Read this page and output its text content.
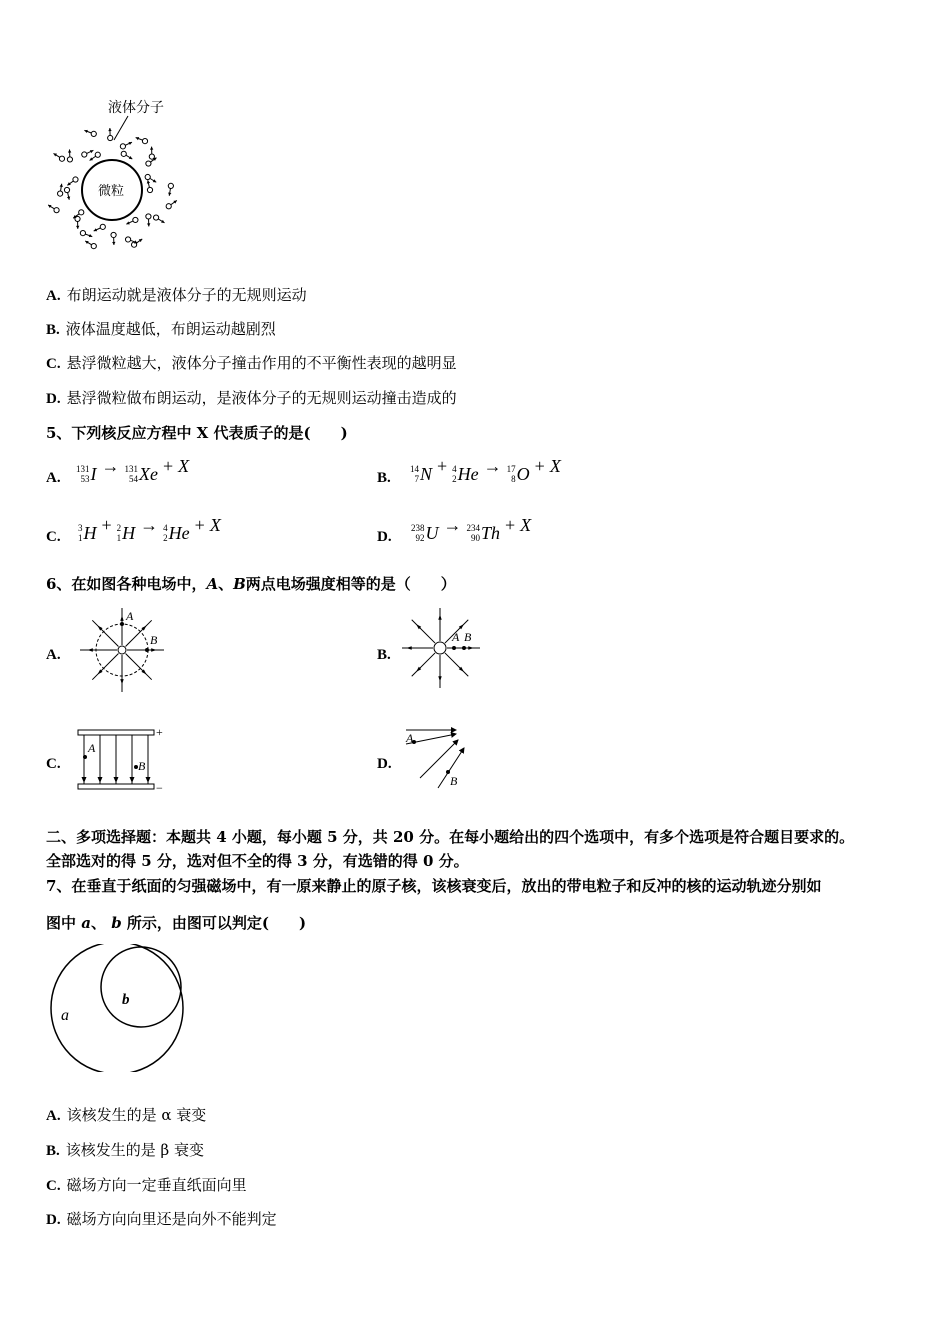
液体分子
微粒
A. 布朗运动就是液体分子的无规则运动
B. 液体温度越低，布朗运动越剧烈
C. 悬浮微粒越大，液体分子撞击作用的不平衡性表现的越明显
D. 悬浮微粒做布朗运动，是液体分子的无规则运动撞击造成的
5、下列核反应方程中 X 代表质子的是(　　)
A.
131
53 I → 131
54 Xe + X
B.
14
7 N + 4
2 He → 17
8 O + X
C.
3
1 H + 2
1 H → 4
2 He + X
D.
238
92 U → 234
90 Th + X
6、在如图各种电场中，A、B两点电场强度相等的是（　　）
A.
A
B
B.
A B
C.
A
B
+
−
D.
A
B
二、多项选择题：本题共 4 小题，每小题 5 分，共 20 分。在每小题给出的四个选项中，有多个选项是符合题目要求的。
全部选对的得 5 分，选对但不全的得 3 分，有选错的得 0 分。
7、在垂直于纸面的匀强磁场中，有一原来静止的原子核，该核衰变后，放出的带电粒子和反冲的核的运动轨迹分别如
图中 a、 b 所示，由图可以判定(　　)
a
b
A. 该核发生的是 α 衰变
B. 该核发生的是 β 衰变
C. 磁场方向一定垂直纸面向里
D. 磁场方向向里还是向外不能判定
